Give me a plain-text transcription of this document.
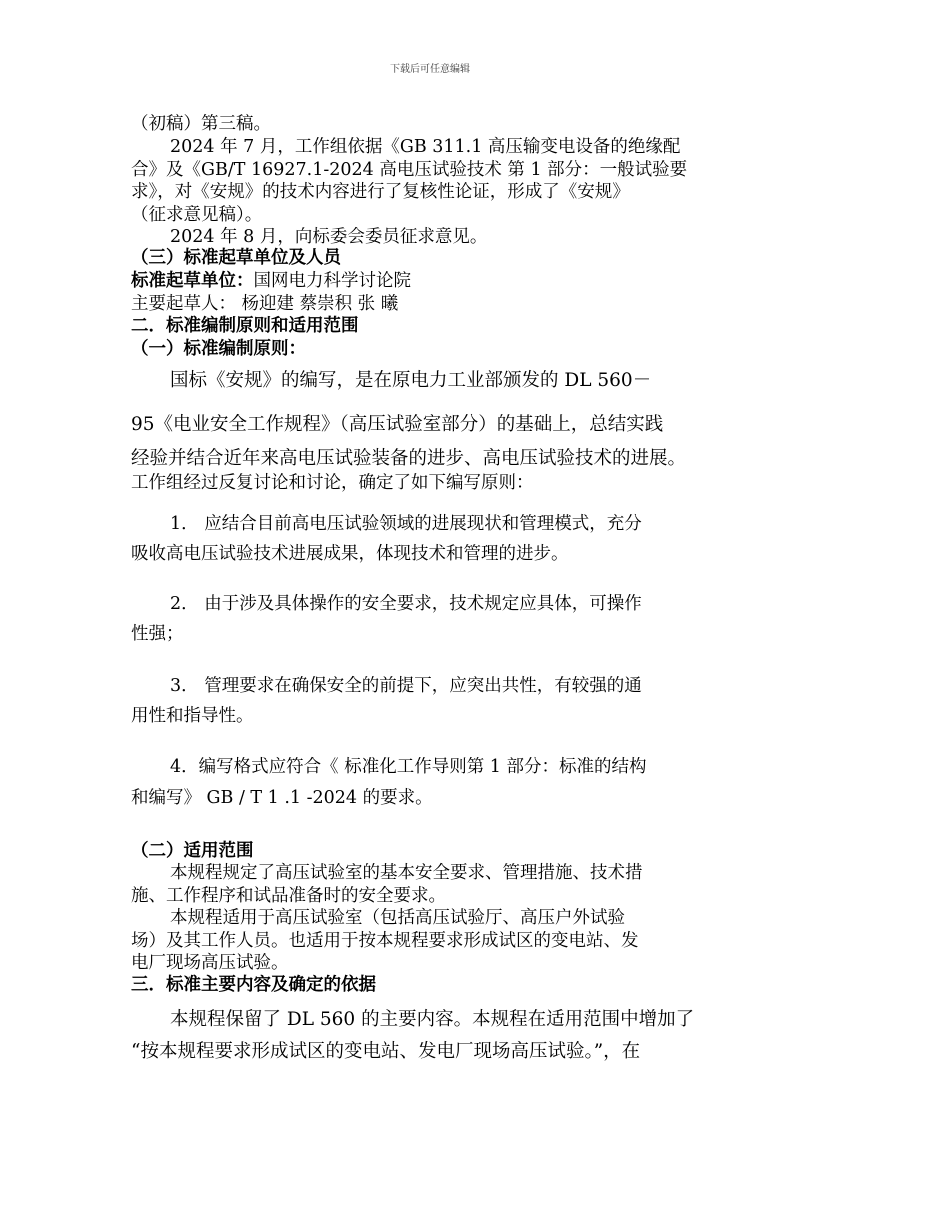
下载后可任意编辑
（初稿）第三稿。
2024 年 7 月，工作组依据《GB 311.1 高压输变电设备的绝缘配
合》及《GB/T 16927.1-2024 高电压试验技术 第 1 部分：一般试验要
求》，对《安规》的技术内容进行了复核性论证，形成了《安规》
（征求意见稿）。
2024 年 8 月，向标委会委员征求意见。
（三）标准起草单位及人员
标准起草单位：国网电力科学讨论院
主要起草人： 杨迎建 蔡崇积 张 曦
二．标准编制原则和适用范围
（一）标准编制原则：
国标《安规》的编写，是在原电力工业部颁发的 DL 560－
95《电业安全工作规程》（高压试验室部分）的基础上，总结实践
经验并结合近年来高电压试验装备的进步、高电压试验技术的进展。
工作组经过反复讨论和讨论，确定了如下编写原则：
1． 应结合目前高电压试验领域的进展现状和管理模式，充分
吸收高电压试验技术进展成果，体现技术和管理的进步。
2． 由于涉及具体操作的安全要求，技术规定应具体，可操作
性强；
3． 管理要求在确保安全的前提下，应突出共性，有较强的通
用性和指导性。
4．编写格式应符合《 标准化工作导则第 1 部分：标准的结构
和编写》 GB / T 1 .1 -2024 的要求。
（二）适用范围
本规程规定了高压试验室的基本安全要求、管理措施、技术措
施、工作程序和试品准备时的安全要求。
本规程适用于高压试验室（包括高压试验厅、高压户外试验
场）及其工作人员。也适用于按本规程要求形成试区的变电站、发
电厂现场高压试验。
三．标准主要内容及确定的依据
本规程保留了 DL 560 的主要内容。本规程在适用范围中增加了
“按本规程要求形成试区的变电站、发电厂现场高压试验。”，在
